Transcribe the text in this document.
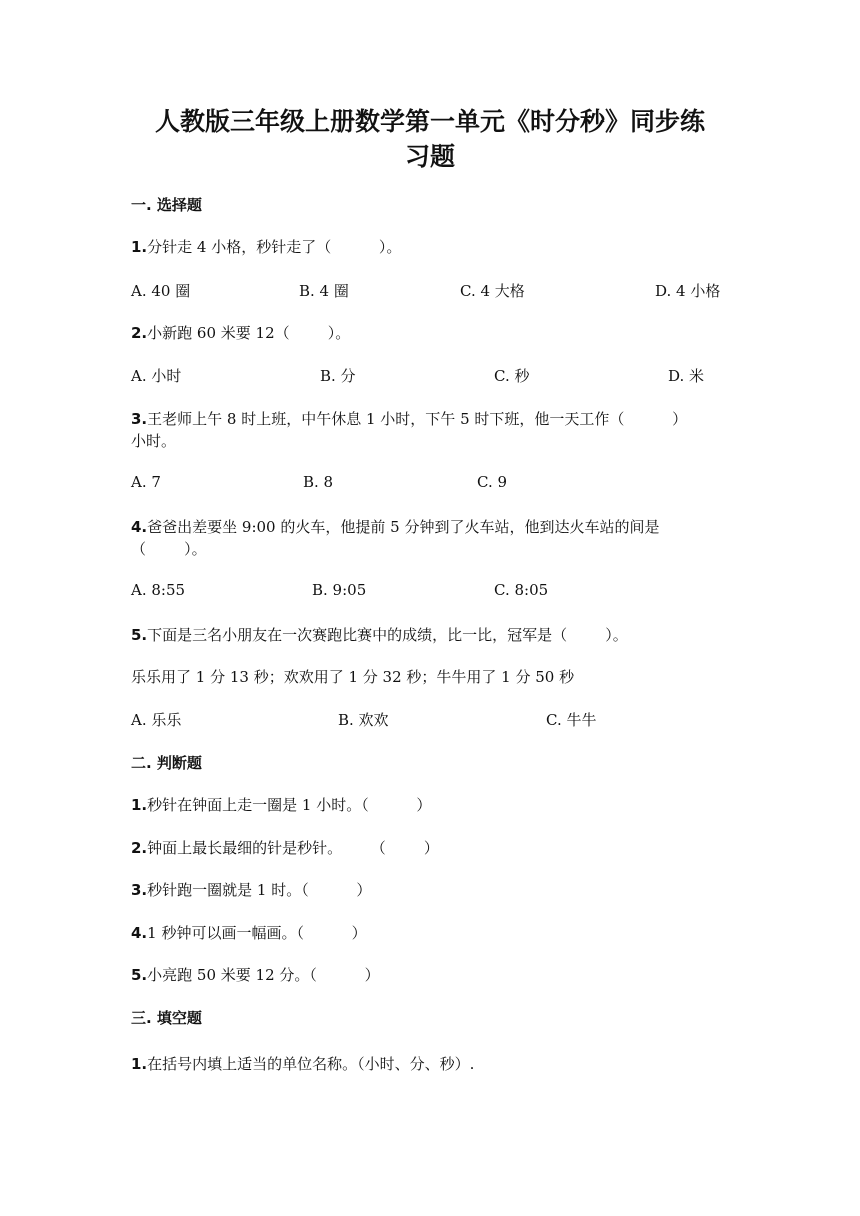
人教版三年级上册数学第一单元《时分秒》同步练
习题
一. 选择题
1.分针走 4 小格，秒针走了（          ）。
A. 40 圈	B. 4 圈	C. 4 大格	D. 4 小格
2.小新跑 60 米要 12（        ）。
A. 小时	B. 分	C. 秒	D. 米
3.王老师上午 8 时上班，中午休息 1 小时，下午 5 时下班，他一天工作（          ）
小时。
A. 7	B. 8	C. 9
4.爸爸出差要坐 9:00 的火车，他提前 5 分钟到了火车站，他到达火车站的间是
（        ）。
A. 8:55	B. 9:05	C. 8:05
5.下面是三名小朋友在一次赛跑比赛中的成绩，比一比，冠军是（        ）。
乐乐用了 1 分 13 秒；欢欢用了 1 分 32 秒；牛牛用了 1 分 50 秒
A. 乐乐	B. 欢欢	C. 牛牛
二. 判断题
1.秒针在钟面上走一圈是 1 小时。（          ）
2.钟面上最长最细的针是秒针。      （        ）
3.秒针跑一圈就是 1 时。（          ）
4.1 秒钟可以画一幅画。（          ）
5.小亮跑 50 米要 12 分。（          ）
三. 填空题
1.在括号内填上适当的单位名称。（小时、分、秒）.
